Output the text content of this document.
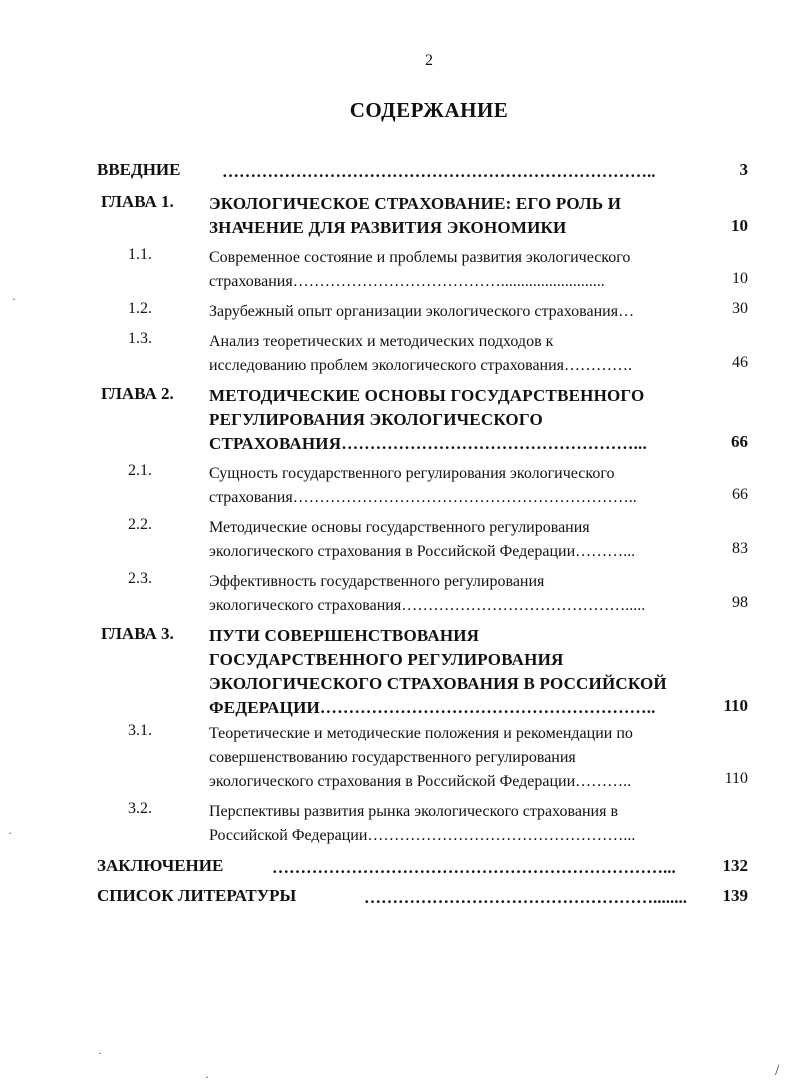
2
СОДЕРЖАНИЕ
ВВЕДНИЕ …………………………………………………………………..	3
ГЛАВА 1. ЭКОЛОГИЧЕСКОЕ СТРАХОВАНИЕ: ЕГО РОЛЬ И
ЗНАЧЕНИЕ ДЛЯ РАЗВИТИЯ ЭКОНОМИКИ	10
1.1.	Современное состояние и проблемы развития экологического
страхования…………………………………..........................	10
1.2.	Зарубежный опыт организации экологического страхования…	30
1.3.	Анализ теоретических и методических подходов к
исследованию проблем экологического страхования………….	46
ГЛАВА 2. МЕТОДИЧЕСКИЕ ОСНОВЫ ГОСУДАРСТВЕННОГО
РЕГУЛИРОВАНИЯ ЭКОЛОГИЧЕСКОГО
СТРАХОВАНИЯ……………………………………………...	66
2.1.	Сущность государственного регулирования экологического
страхования………………………………………………………..	66
2.2.	Методические основы государственного регулирования
экологического страхования в Российской Федерации………...	83
2.3.	Эффективность государственного регулирования
экологического страхования…………………………………….....	98
ГЛАВА 3. ПУТИ СОВЕРШЕНСТВОВАНИЯ
ГОСУДАРСТВЕННОГО РЕГУЛИРОВАНИЯ
ЭКОЛОГИЧЕСКОГО СТРАХОВАНИЯ В РОССИЙСКОЙ
ФЕДЕРАЦИИ…………………………………………………..	110
3.1.	Теоретические и методические положения и рекомендации по
совершенствованию государственного регулирования
экологического страхования в Российской Федерации………..	110
3.2.	Перспективы развития рынка экологического страхования в
Российской Федерации…………………………………………...
ЗАКЛЮЧЕНИЕ	……………………………………………………………...	132
СПИСОК ЛИТЕРАТУРЫ	……………………………………………........	139
·
·
·
·	/
